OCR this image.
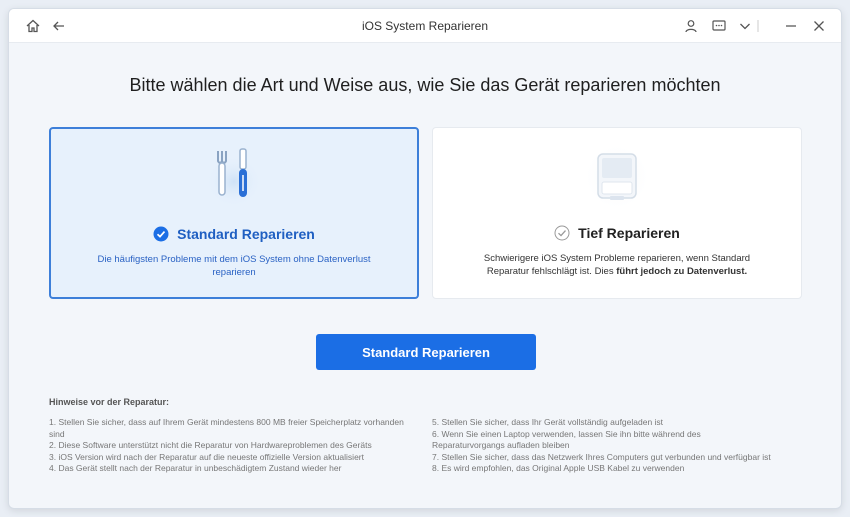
iOS System Reparieren
Bitte wählen die Art und Weise aus, wie Sie das Gerät reparieren möchten
Standard Reparieren
Die häufigsten Probleme mit dem iOS System ohne Datenverlust reparieren
Tief Reparieren
Schwierigere iOS System Probleme reparieren, wenn Standard Reparatur fehlschlägt ist. Dies führt jedoch zu Datenverlust.
Standard Reparieren
Hinweise vor der Reparatur:
1. Stellen Sie sicher, dass auf Ihrem Gerät mindestens 800 MB freier Speicherplatz vorhanden sind
2. Diese Software unterstützt nicht die Reparatur von Hardwareproblemen des Geräts
3. iOS Version wird nach der Reparatur auf die neueste offizielle Version aktualisiert
4. Das Gerät stellt nach der Reparatur in unbeschädigtem Zustand wieder her
5. Stellen Sie sicher, dass Ihr Gerät vollständig aufgeladen ist
6. Wenn Sie einen Laptop verwenden, lassen Sie ihn bitte während des Reparaturvorgangs aufladen bleiben
7. Stellen Sie sicher, dass das Netzwerk Ihres Computers gut verbunden und verfügbar ist
8. Es wird empfohlen, das Original Apple USB Kabel zu verwenden
